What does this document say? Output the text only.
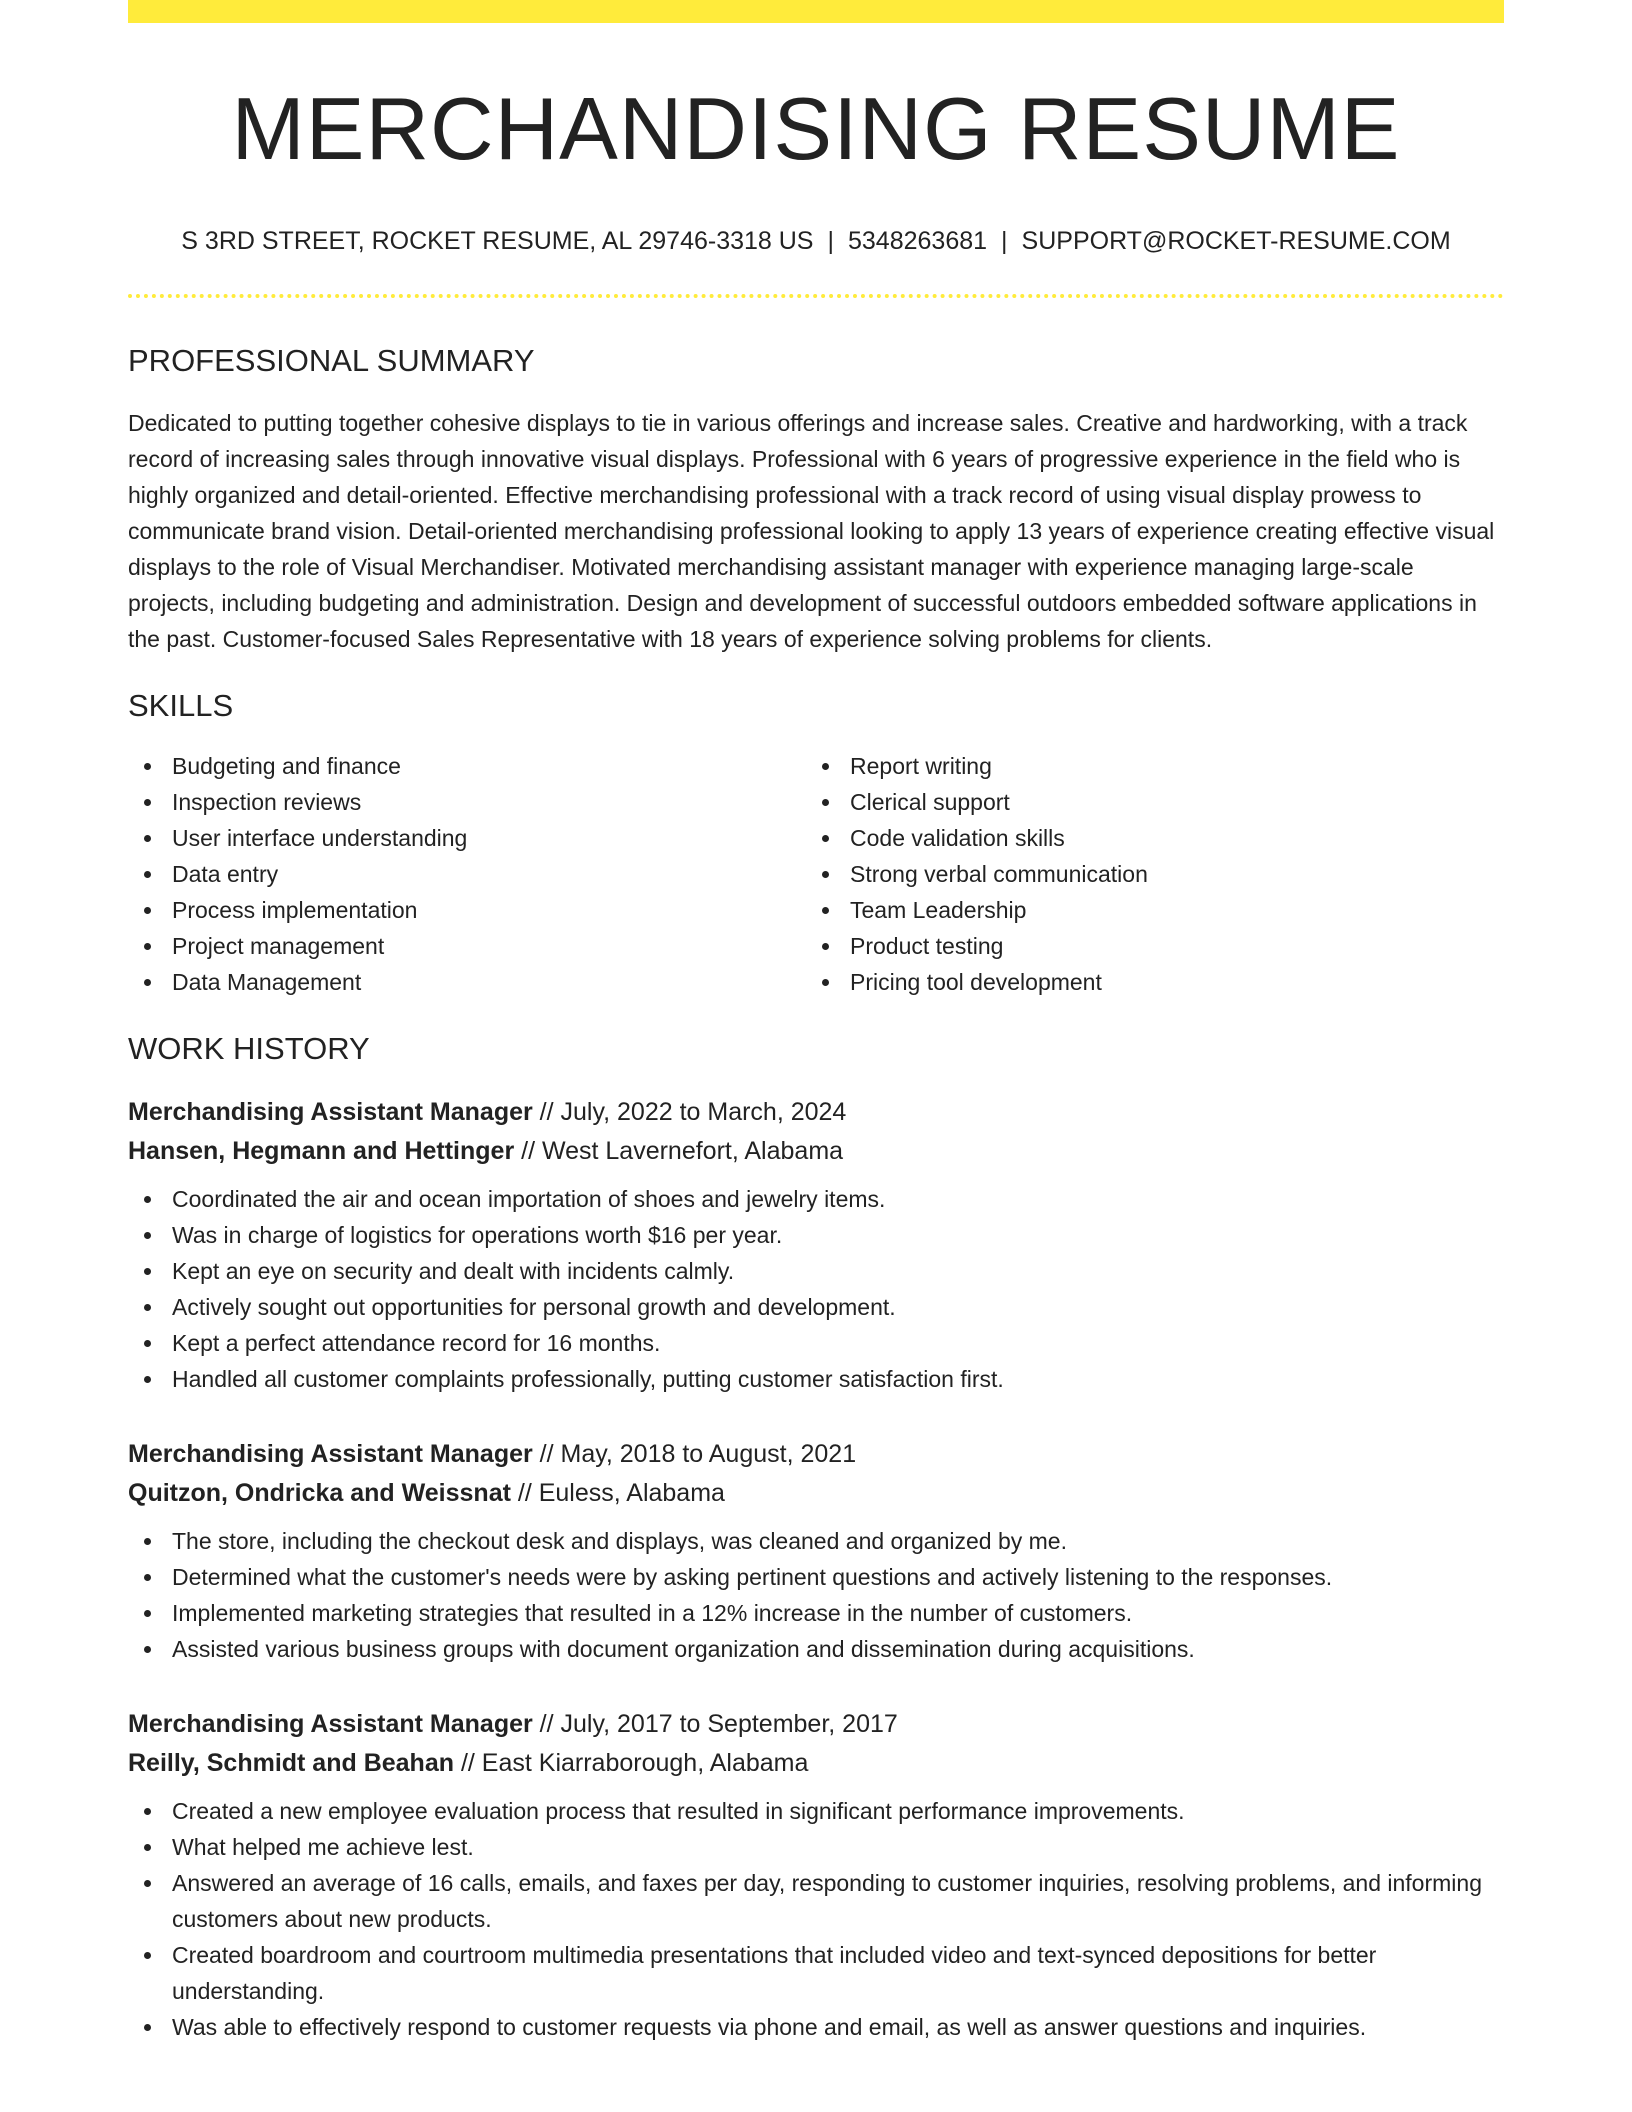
MERCHANDISING RESUME
S 3RD STREET, ROCKET RESUME, AL 29746-3318 US | 5348263681 | SUPPORT@ROCKET-RESUME.COM
PROFESSIONAL SUMMARY

Dedicated to putting together cohesive displays to tie in various offerings and increase sales. Creative and hardworking, with a track record of increasing sales through innovative visual displays. Professional with 6 years of progressive experience in the field who is highly organized and detail-oriented. Effective merchandising professional with a track record of using visual display prowess to communicate brand vision. Detail-oriented merchandising professional looking to apply 13 years of experience creating effective visual displays to the role of Visual Merchandiser. Motivated merchandising assistant manager with experience managing large-scale projects, including budgeting and administration. Design and development of successful outdoors embedded software applications in the past. Customer-focused Sales Representative with 18 years of experience solving problems for clients.

SKILLS
Budgeting and finance
Inspection reviews
User interface understanding
Data entry
Process implementation
Project management
Data Management
Report writing
Clerical support
Code validation skills
Strong verbal communication
Team Leadership
Product testing
Pricing tool development
WORK HISTORY
Merchandising Assistant Manager // July, 2022 to March, 2024
Hansen, Hegmann and Hettinger // West Lavernefort, Alabama
Coordinated the air and ocean importation of shoes and jewelry items.
Was in charge of logistics for operations worth $16 per year.
Kept an eye on security and dealt with incidents calmly.
Actively sought out opportunities for personal growth and development.
Kept a perfect attendance record for 16 months.
Handled all customer complaints professionally, putting customer satisfaction first.
Merchandising Assistant Manager // May, 2018 to August, 2021
Quitzon, Ondricka and Weissnat // Euless, Alabama
The store, including the checkout desk and displays, was cleaned and organized by me.
Determined what the customer's needs were by asking pertinent questions and actively listening to the responses.
Implemented marketing strategies that resulted in a 12% increase in the number of customers.
Assisted various business groups with document organization and dissemination during acquisitions.
Merchandising Assistant Manager // July, 2017 to September, 2017
Reilly, Schmidt and Beahan // East Kiarraborough, Alabama
Created a new employee evaluation process that resulted in significant performance improvements.
What helped me achieve lest.
Answered an average of 16 calls, emails, and faxes per day, responding to customer inquiries, resolving problems, and informing customers about new products.
Created boardroom and courtroom multimedia presentations that included video and text-synced depositions for better understanding.
Was able to effectively respond to customer requests via phone and email, as well as answer questions and inquiries.
